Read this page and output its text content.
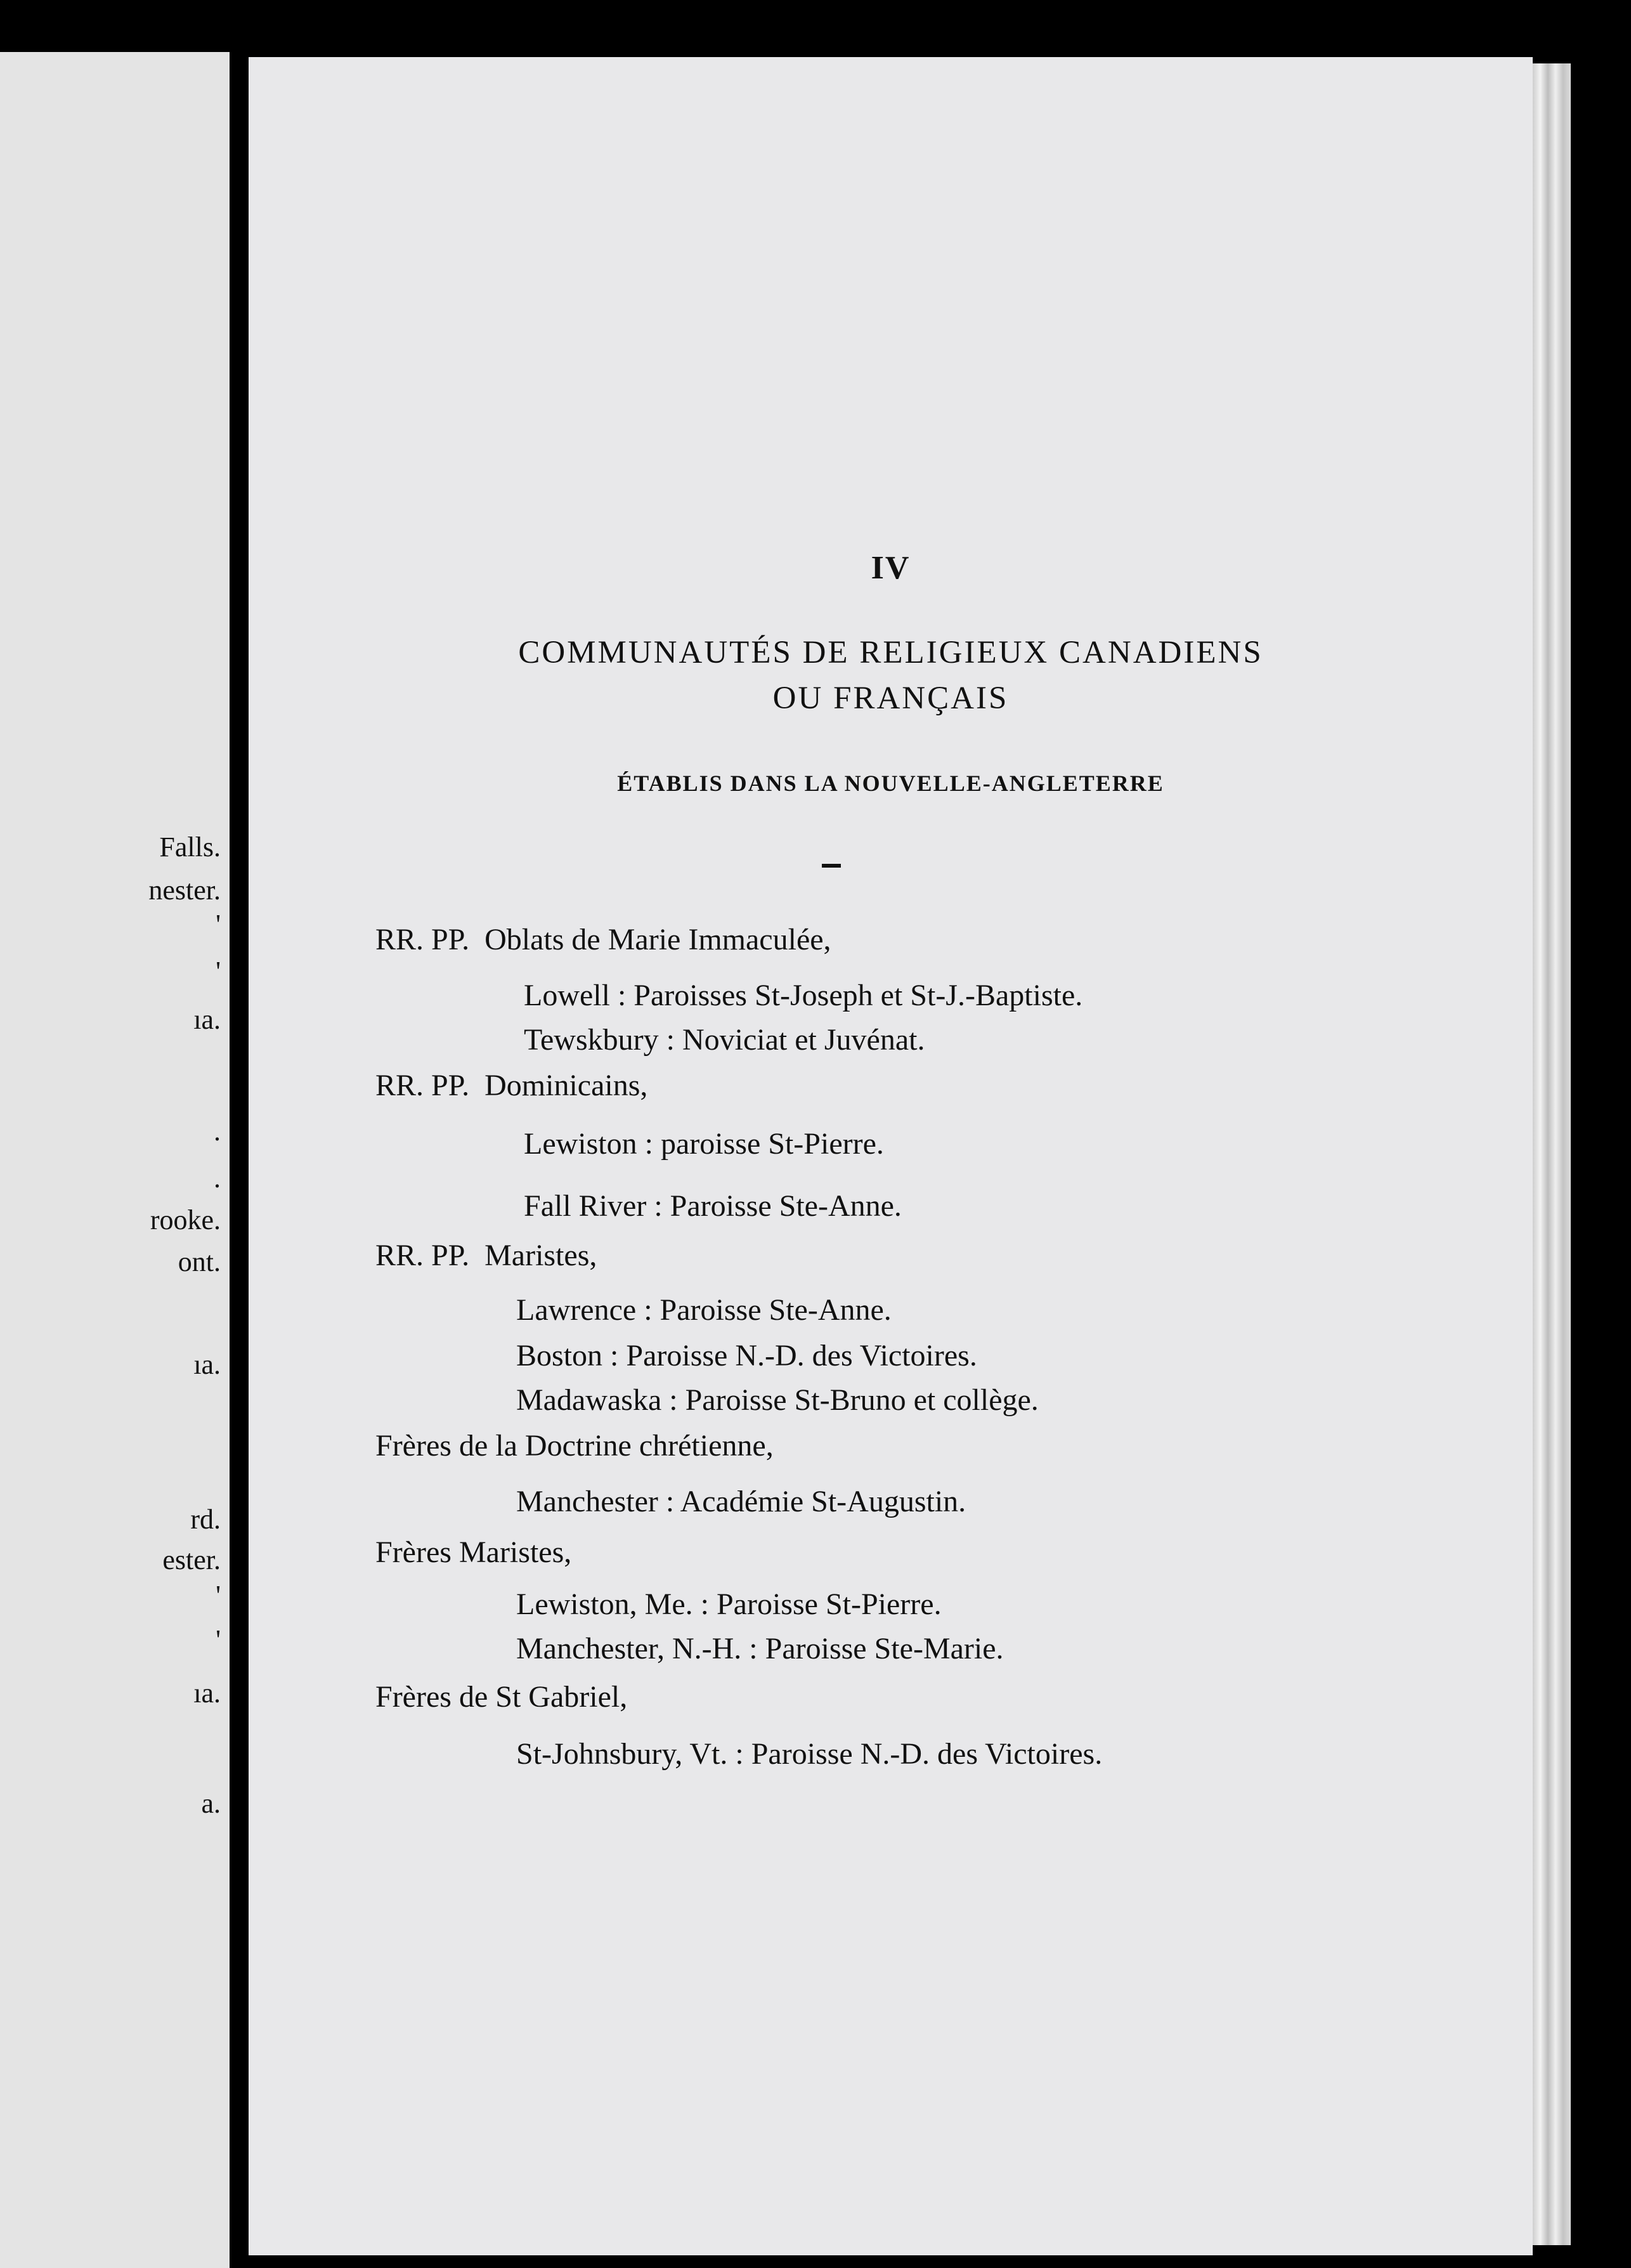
Falls.
nester.
'
'
ıa.
.
.
rooke.
ont.
ıa.
rd.
ester.
'
'
ıa.
a.
IV
COMMUNAUTÉS DE RELIGIEUX CANADIENS
OU FRANÇAIS
ÉTABLIS DANS LA NOUVELLE-ANGLETERRE
RR. PP. Oblats de Marie Immaculée,
Lowell : Paroisses St-Joseph et St-J.-Baptiste.
Tewskbury : Noviciat et Juvénat.
RR. PP. Dominicains,
Lewiston : paroisse St-Pierre.
Fall River : Paroisse Ste-Anne.
RR. PP. Maristes,
Lawrence : Paroisse Ste-Anne.
Boston : Paroisse N.-D. des Victoires.
Madawaska : Paroisse St-Bruno et collège.
Frères de la Doctrine chrétienne,
Manchester : Académie St-Augustin.
Frères Maristes,
Lewiston, Me. : Paroisse St-Pierre.
Manchester, N.-H. : Paroisse Ste-Marie.
Frères de St Gabriel,
St-Johnsbury, Vt. : Paroisse N.-D. des Victoires.
